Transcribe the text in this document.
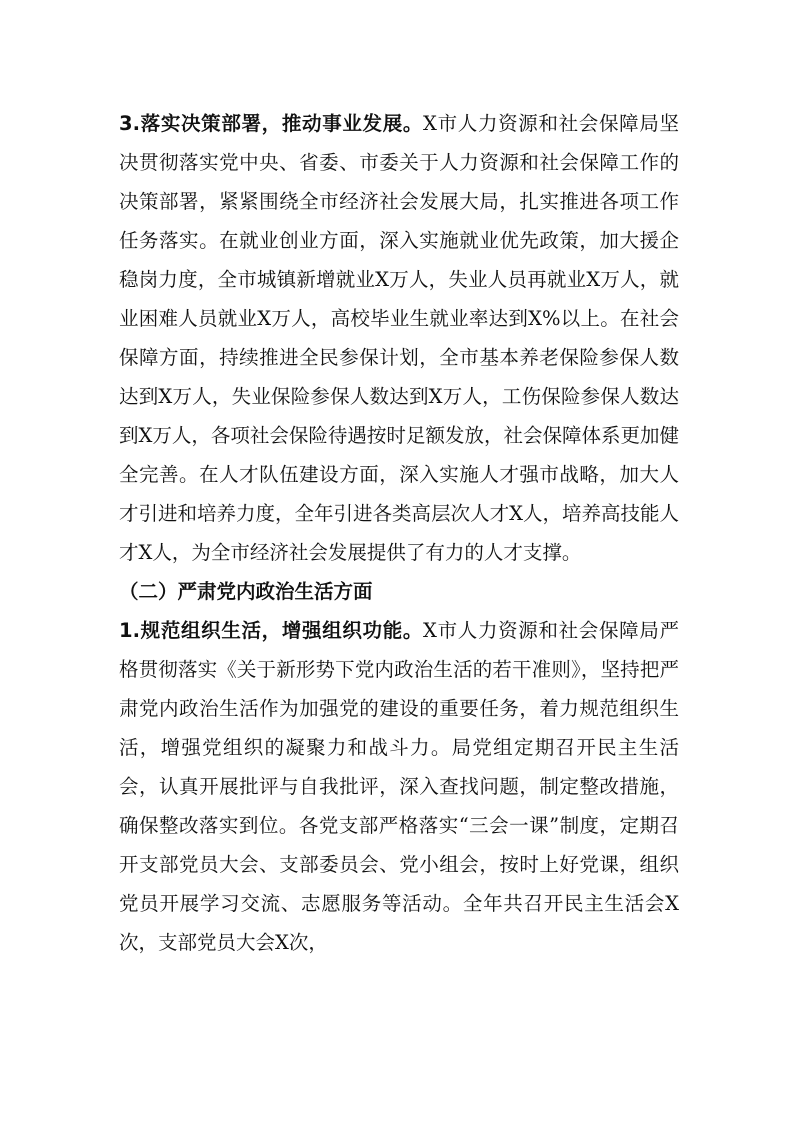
3.落实决策部署，推动事业发展。X市人力资源和社会保障局坚决贯彻落实党中央、省委、市委关于人力资源和社会保障工作的决策部署，紧紧围绕全市经济社会发展大局，扎实推进各项工作任务落实。在就业创业方面，深入实施就业优先政策，加大援企稳岗力度，全市城镇新增就业X万人，失业人员再就业X万人，就业困难人员就业X万人，高校毕业生就业率达到X%以上。在社会保障方面，持续推进全民参保计划，全市基本养老保险参保人数达到X万人，失业保险参保人数达到X万人，工伤保险参保人数达到X万人，各项社会保险待遇按时足额发放，社会保障体系更加健全完善。在人才队伍建设方面，深入实施人才强市战略，加大人才引进和培养力度，全年引进各类高层次人才X人，培养高技能人才X人，为全市经济社会发展提供了有力的人才支撑。

（二）严肃党内政治生活方面

1.规范组织生活，增强组织功能。X市人力资源和社会保障局严格贯彻落实《关于新形势下党内政治生活的若干准则》，坚持把严肃党内政治生活作为加强党的建设的重要任务，着力规范组织生活，增强党组织的凝聚力和战斗力。局党组定期召开民主生活会，认真开展批评与自我批评，深入查找问题，制定整改措施，确保整改落实到位。各党支部严格落实“三会一课”制度，定期召开支部党员大会、支部委员会、党小组会，按时上好党课，组织党员开展学习交流、志愿服务等活动。全年共召开民主生活会X次，支部党员大会X次，
